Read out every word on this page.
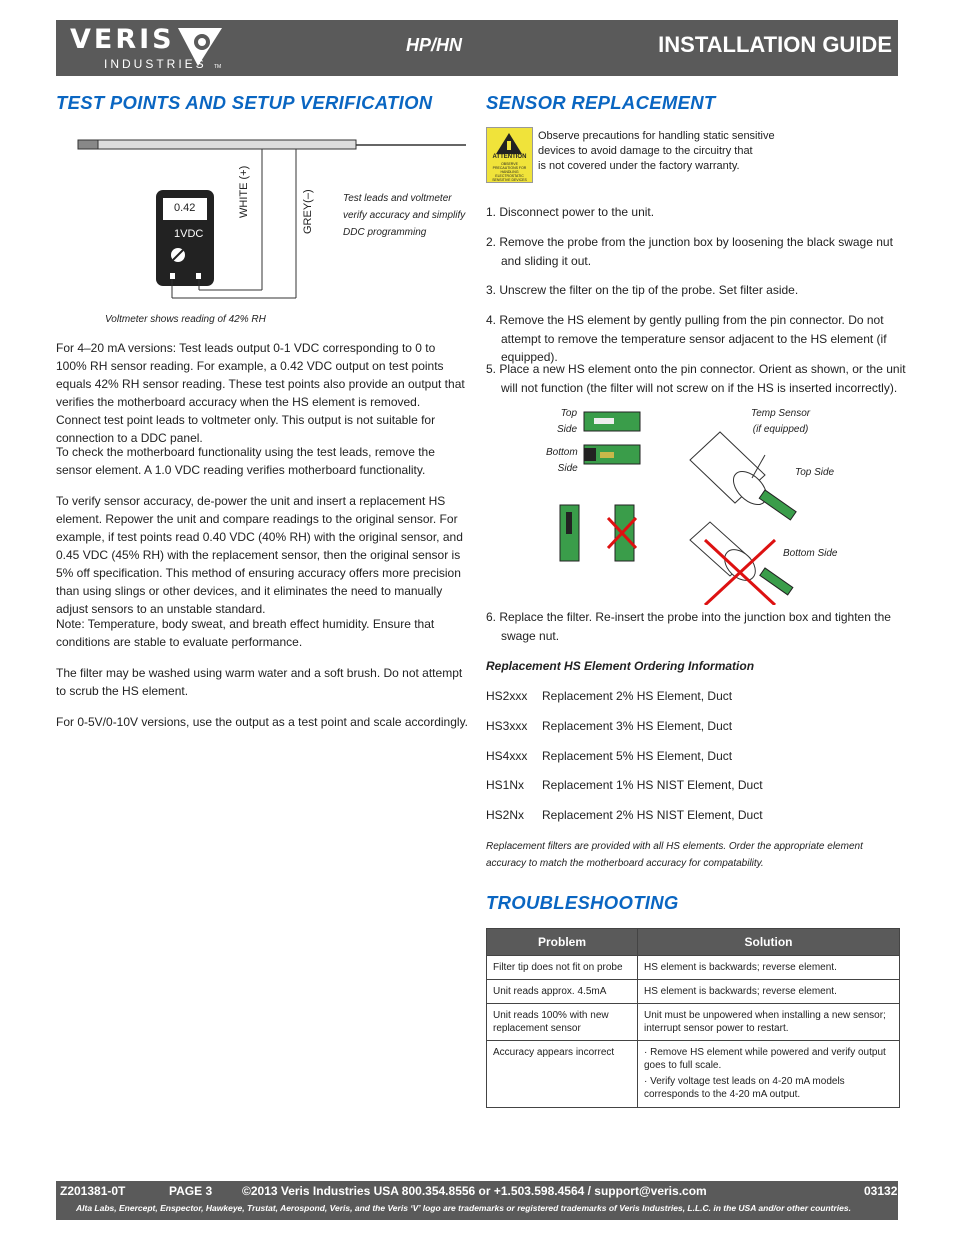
VERIS
INDUSTRIES TM
HP/HN	INSTALLATION GUIDE
TEST POINTS AND SETUP VERIFICATION
0.42
1VDC
WHITE (+)	GREY(–)	Test leads and voltmeter
verify accuracy and simplify
DDC programming
Voltmeter shows reading of 42% RH
For 4–20 mA versions: Test leads output 0-1 VDC corresponding to 0 to 100% RH sensor reading. For example, a 0.42 VDC output on test points equals 42% RH sensor reading. These test points also provide an output that verifies the motherboard accuracy when the HS element is removed. Connect test point leads to voltmeter only. This output is not suitable for connection to a DDC panel.
To check the motherboard functionality using the test leads, remove the sensor element. A 1.0 VDC reading verifies motherboard functionality.
To verify sensor accuracy, de-power the unit and insert a replacement HS element. Repower the unit and compare readings to the original sensor. For example, if test points read 0.40 VDC (40% RH) with the original sensor, and 0.45 VDC (45% RH) with the replacement sensor, then the original sensor is 5% off specification. This method of ensuring accuracy offers more precision than using slings or other devices, and it eliminates the need to manually adjust sensors to an unstable standard.
Note: Temperature, body sweat, and breath effect humidity. Ensure that conditions are stable to evaluate performance.
The filter may be washed using warm water and a soft brush. Do not attempt to scrub the HS element.
For 0-5V/0-10V versions, use the output as a test point and scale accordingly.
SENSOR REPLACEMENT
ATTENTION
OBSERVE PRECAUTIONS FOR HANDLING ELECTROSTATIC SENSITIVE DEVICES
Observe precautions for handling static sensitive
devices to avoid damage to the circuitry that
is not covered under the factory warranty.
1. Disconnect power to the unit.
2. Remove the probe from the junction box by loosening the black swage nut and sliding it out.
3. Unscrew the filter on the tip of the probe. Set filter aside.
4. Remove the HS element by gently pulling from the pin connector. Do not attempt to remove the temperature sensor adjacent to the HS element (if equipped).
5. Place a new HS element onto the pin connector. Orient as shown, or the unit will not function (the filter will not screw on if the HS is inserted incorrectly).
Top
Side
Bottom
Side
Temp Sensor
(if equipped)
Top Side
Bottom Side
6. Replace the filter. Re-insert the probe into the junction box and tighten the swage nut.
Replacement HS Element Ordering Information
HS2xxx	Replacement 2% HS Element, Duct
HS3xxx	Replacement 3% HS Element, Duct
HS4xxx	Replacement 5% HS Element, Duct
HS1Nx	Replacement 1% HS NIST Element, Duct
HS2Nx	Replacement 2% HS NIST Element, Duct
Replacement filters are provided with all HS elements. Order the appropriate element accuracy to match the motherboard accuracy for compatability.
TROUBLESHOOTING
Problem	Solution
Filter tip does not fit on probe	HS element is backwards; reverse element.
Unit reads approx. 4.5mA	HS element is backwards; reverse element.
Unit reads 100% with new replacement sensor	Unit must be unpowered when installing a new sensor; interrupt sensor power to restart.
Accuracy appears incorrect	· Remove HS element while powered and verify output goes to full scale.
· Verify voltage test leads on 4-20 mA models corresponds to the 4-20 mA output.
Z201381-0T	PAGE 3 ©2013 Veris Industries USA 800.354.8556 or +1.503.598.4564 / support@veris.com	03132
Alta Labs, Enercept, Enspector, Hawkeye, Trustat, Aerospond, Veris, and the Veris ‘V’ logo are trademarks or registered trademarks of Veris Industries, L.L.C. in the USA and/or other countries.
